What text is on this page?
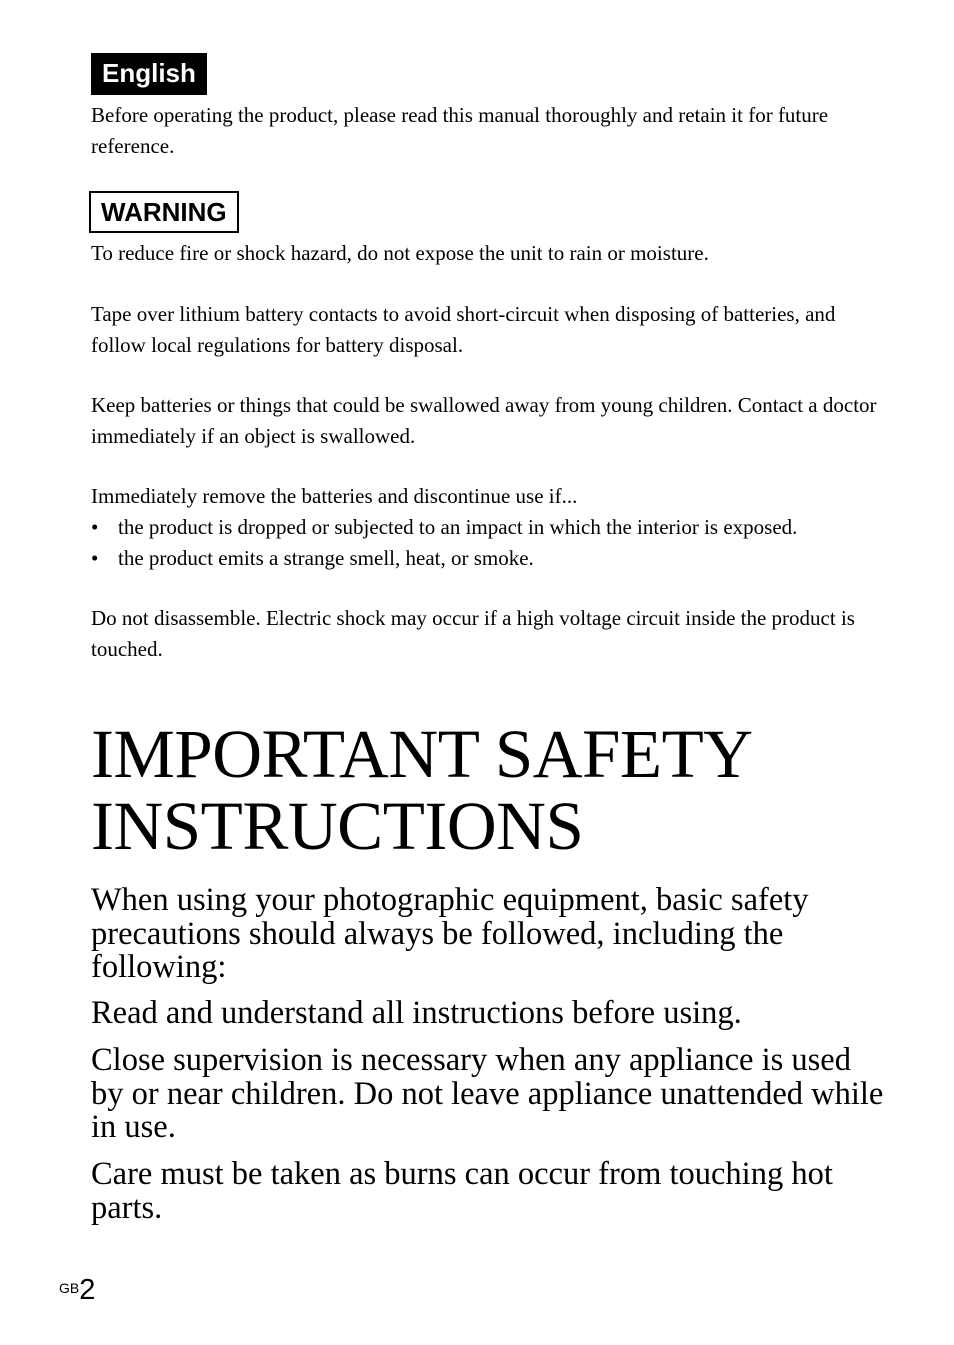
English

Before operating the product, please read this manual thoroughly and retain it for future reference.

WARNING

To reduce fire or shock hazard, do not expose the unit to rain or moisture.

Tape over lithium battery contacts to avoid short-circuit when disposing of batteries, and follow local regulations for battery disposal.

Keep batteries or things that could be swallowed away from young children. Contact a doctor immediately if an object is swallowed.

Immediately remove the batteries and discontinue use if...

• the product is dropped or subjected to an impact in which the interior is exposed.
• the product emits a strange smell, heat, or smoke.

Do not disassemble. Electric shock may occur if a high voltage circuit inside the product is touched.

IMPORTANT SAFETY INSTRUCTIONS

When using your photographic equipment, basic safety precautions should always be followed, including the following:

Read and understand all instructions before using.

Close supervision is necessary when any appliance is used by or near children. Do not leave appliance unattended while in use.

Care must be taken as burns can occur from touching hot parts.

GB2
